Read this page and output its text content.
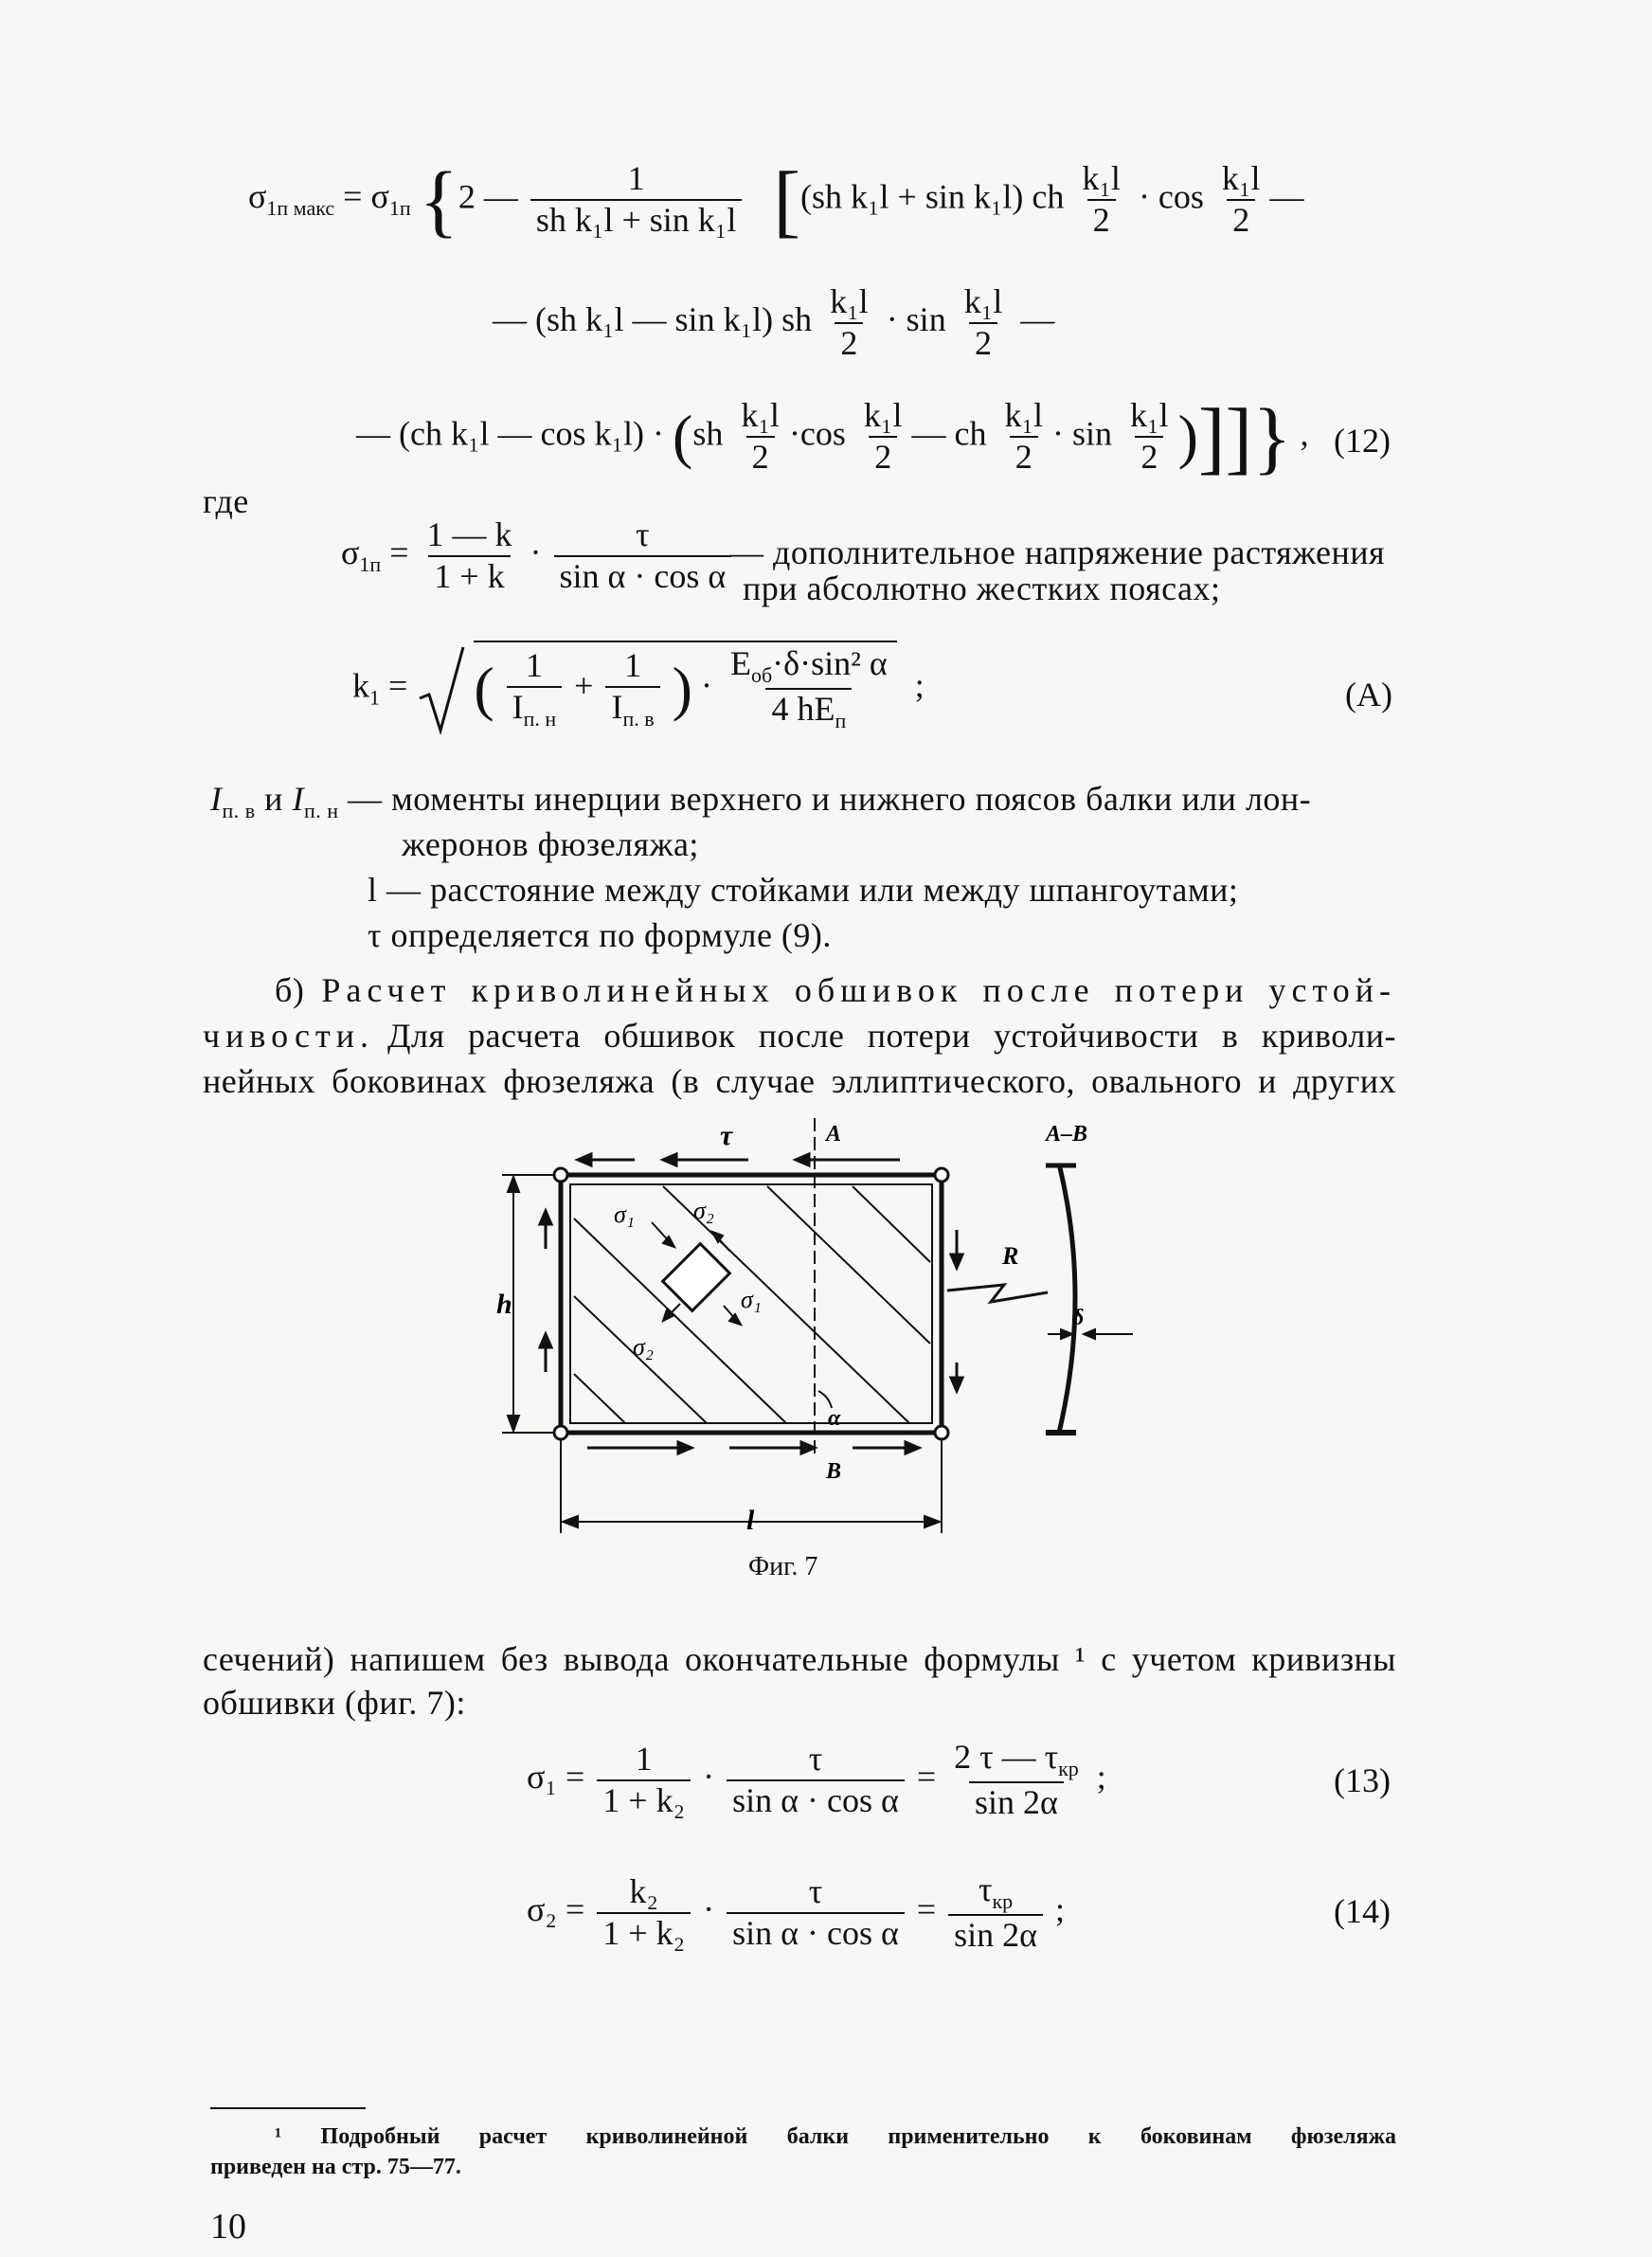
$\sigma_{1п макс} = \sigma_{1п}$ {2 — $\frac{1}{\text{sh k₁l + sin k₁l}} [(sh$ k₁l + sin k₁l) ch $\frac{\text{k₁l}}{2} \cdot \cos \frac{\text{k₁l}}{2}$ —
— (sh k₁l — sin k₁l) sh $\frac{\text{k₁l}}{2} \cdot \sin \frac{\text{k₁l}}{2}$ —
— (ch k₁l — $\cos k_1l) \cdot (sh \frac{\text{k₁l}}{2} \cdot\cos \frac{\text{k₁l}}{2}$ — ch $\frac{\text{k₁l}}{2} \cdot \sin \frac{\text{k₁l}}{2}$ )]]} , (12)
где
$\sigma_{1п} = \frac{1 — k}{1 + k} \cdot \frac{\tau}{\text{sin α · cos α}}$
— дополнительное напряжение растяжения
при абсолютно жестких поясах;
$k_1$ =  ( $\frac{1}{I_{п. н}} + \frac{1}{I_{п. в}}$ ) · $\frac{E_{об}\cdot\delta\cdot\sin^2 \alpha}{4 hE_п}$ ;	(A)
$I_{п. в}$ и $I_{п. н}$ — моменты инерции верхнего и нижнего поясов балки или лон-
жеронов фюзеляжа;
l — расстояние между стойками или между шпангоутами;
τ определяется по формуле (9).
б) Расчет криволинейных обшивок после потери устой-
чивости. Для расчета обшивок после потери устойчивости в криволи-
нейных боковинах фюзеляжа (в случае эллиптического, овального и других
σ₁ σ₂
σ₁
σ₂
τ	A
B
α
h
l
R
A–B
δ
Фиг. 7
сечений) напишем без вывода окончательные формулы ¹ с учетом кривизны
обшивки (фиг. 7):
$\sigma_1 = \frac{1}{\text{1 + k₂}} \cdot \frac{\tau}{\text{sin α · cos α}} = \frac{2 \tau — \tau_{кр}}{\sin 2\alpha}$ ;	(13)
$\sigma_2 = \frac{\text{k₂}}{\text{1 + k₂}} \cdot \frac{\tau}{\text{sin α · cos α}} = \frac{\tau_{кр}}{\sin 2\alpha}$ ;	(14)
¹ Подробный расчет криволинейной балки применительно к боковинам фюзеляжа
приведен на стр. 75—77.
10
